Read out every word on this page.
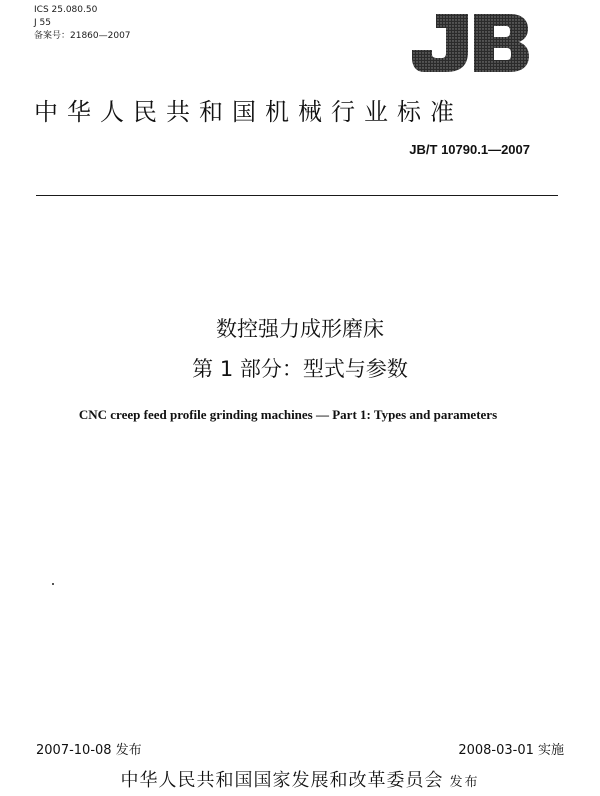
ICS 25.080.50
J 55
备案号：21860—2007
中华人民共和国机械行业标准
JB/T 10790.1—2007
数控强力成形磨床
第 1 部分：型式与参数
CNC creep feed profile grinding machines — Part 1: Types and parameters
2007-10-08 发布	2008-03-01 实施
中华人民共和国国家发展和改革委员会 发布
